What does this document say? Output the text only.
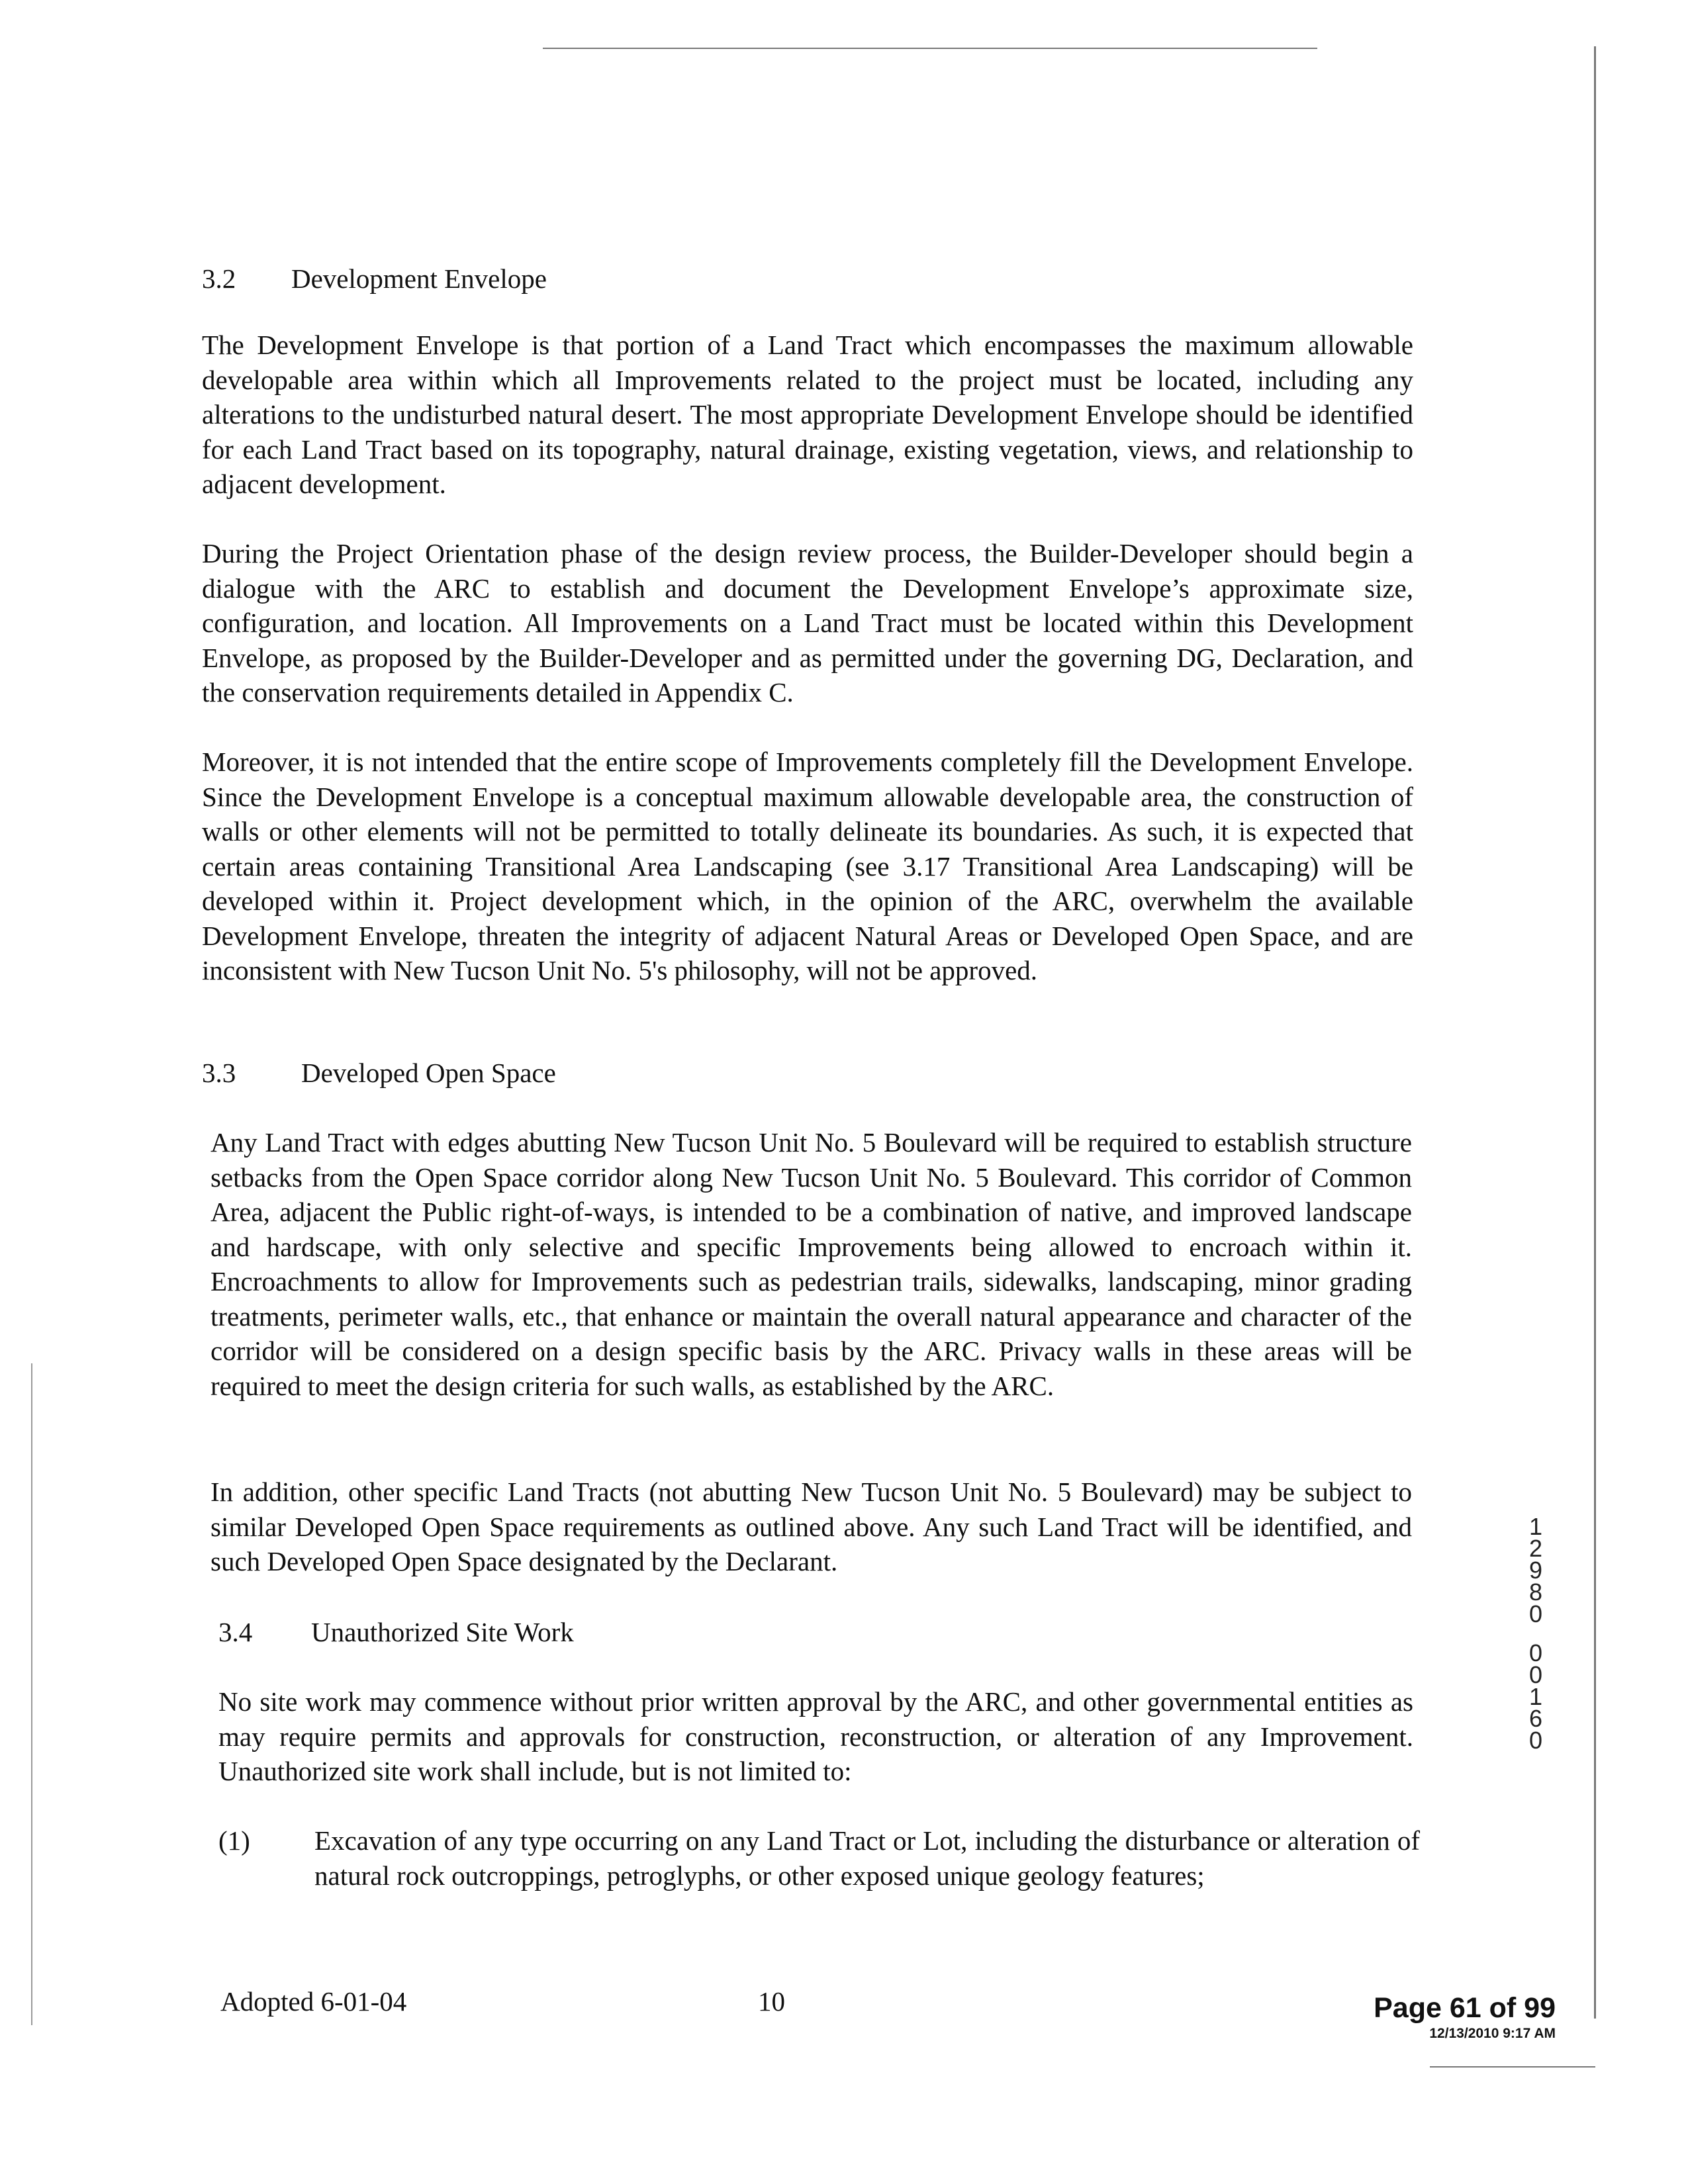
3.2 Development Envelope

The Development Envelope is that portion of a Land Tract which encompasses the maximum allowable developable area within which all Improvements related to the project must be located, including any alterations to the undisturbed natural desert. The most appropriate Development Envelope should be identified for each Land Tract based on its topography, natural drainage, existing vegetation, views, and relationship to adjacent development.

During the Project Orientation phase of the design review process, the Builder-Developer should begin a dialogue with the ARC to establish and document the Development Envelope’s approximate size, configuration, and location. All Improvements on a Land Tract must be located within this Development Envelope, as proposed by the Builder-Developer and as permitted under the governing DG, Declaration, and the conservation requirements detailed in Appendix C.

Moreover, it is not intended that the entire scope of Improvements completely fill the Development Envelope. Since the Development Envelope is a conceptual maximum allowable developable area, the construction of walls or other elements will not be permitted to totally delineate its boundaries. As such, it is expected that certain areas containing Transitional Area Landscaping (see 3.17 Transitional Area Landscaping) will be developed within it. Project development which, in the opinion of the ARC, overwhelm the available Development Envelope, threaten the integrity of adjacent Natural Areas or Developed Open Space, and are inconsistent with New Tucson Unit No. 5's philosophy, will not be approved.

3.3 Developed Open Space

Any Land Tract with edges abutting New Tucson Unit No. 5 Boulevard will be required to establish structure setbacks from the Open Space corridor along New Tucson Unit No. 5 Boulevard. This corridor of Common Area, adjacent the Public right-of-ways, is intended to be a combination of native, and improved landscape and hardscape, with only selective and specific Improvements being allowed to encroach within it. Encroachments to allow for Improvements such as pedestrian trails, sidewalks, landscaping, minor grading treatments, perimeter walls, etc., that enhance or maintain the overall natural appearance and character of the corridor will be considered on a design specific basis by the ARC. Privacy walls in these areas will be required to meet the design criteria for such walls, as established by the ARC.

In addition, other specific Land Tracts (not abutting New Tucson Unit No. 5 Boulevard) may be subject to similar Developed Open Space requirements as outlined above. Any such Land Tract will be identified, and such Developed Open Space designated by the Declarant.

3.4 Unauthorized Site Work

No site work may commence without prior written approval by the ARC, and other governmental entities as may require permits and approvals for construction, reconstruction, or alteration of any Improvement. Unauthorized site work shall include, but is not limited to:

(1) Excavation of any type occurring on any Land Tract or Lot, including the disturbance or alteration of natural rock outcroppings, petroglyphs, or other exposed unique geology features;
Adopted 6-01-04	10	Page 61 of 99
12/13/2010 9:17 AM
1
2
9
8
0
0
0
1
6
0
